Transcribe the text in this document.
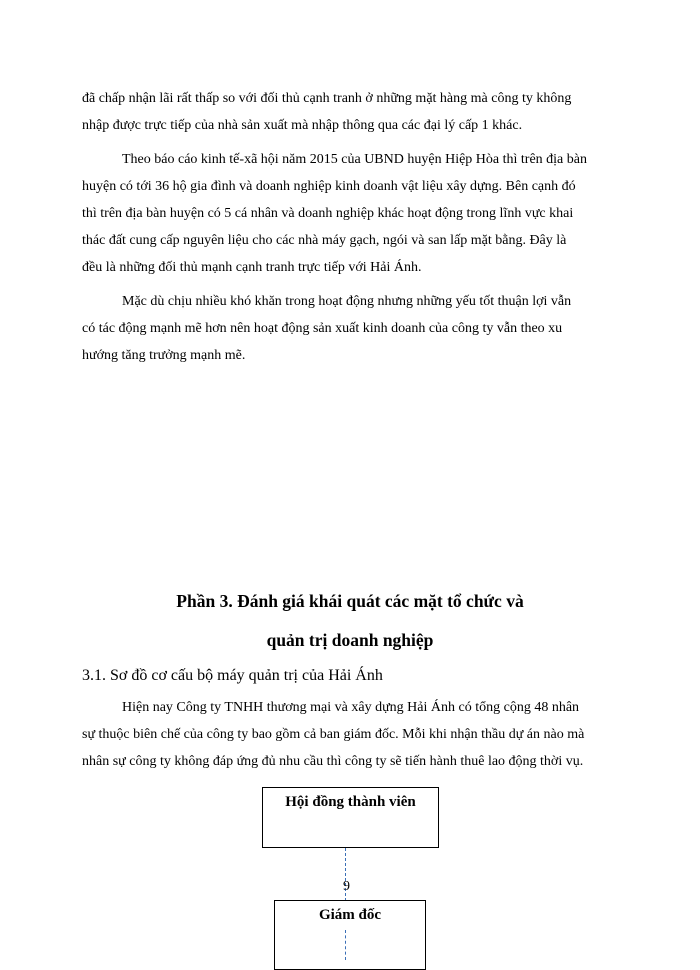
đã chấp nhận lãi rất thấp so với đối thủ cạnh tranh ở những mặt hàng mà công ty không
nhập được trực tiếp của nhà sản xuất mà nhập thông qua các đại lý cấp 1 khác.

Theo báo cáo kinh tế-xã hội năm 2015 của UBND huyện Hiệp Hòa thì trên địa bàn
huyện có tới 36 hộ gia đình và doanh nghiệp kinh doanh vật liệu xây dựng. Bên cạnh đó
thì trên địa bàn huyện có 5 cá nhân và doanh nghiệp khác hoạt động trong lĩnh vực khai
thác đất cung cấp nguyên liệu cho các nhà máy gạch, ngói và san lấp mặt bằng. Đây là
đều là những đối thủ mạnh cạnh tranh trực tiếp với Hải Ánh.

Mặc dù chịu nhiều khó khăn trong hoạt động nhưng những yếu tốt thuận lợi vẫn
có tác động mạnh mẽ hơn nên hoạt động sản xuất kinh doanh của công ty vẫn theo xu
hướng tăng trưởng mạnh mẽ.

Phần 3. Đánh giá khái quát các mặt tổ chức và
quản trị doanh nghiệp
3.1. Sơ đồ cơ cấu bộ máy quản trị của Hải Ánh

Hiện nay Công ty TNHH thương mại và xây dựng Hải Ánh có tổng cộng 48 nhân
sự thuộc biên chế của công ty bao gồm cả ban giám đốc. Mỗi khi nhận thầu dự án nào mà
nhân sự công ty không đáp ứng đủ nhu cầu thì công ty sẽ tiến hành thuê lao động thời vụ.

Hội đồng thành viên
Giám đốc
9
